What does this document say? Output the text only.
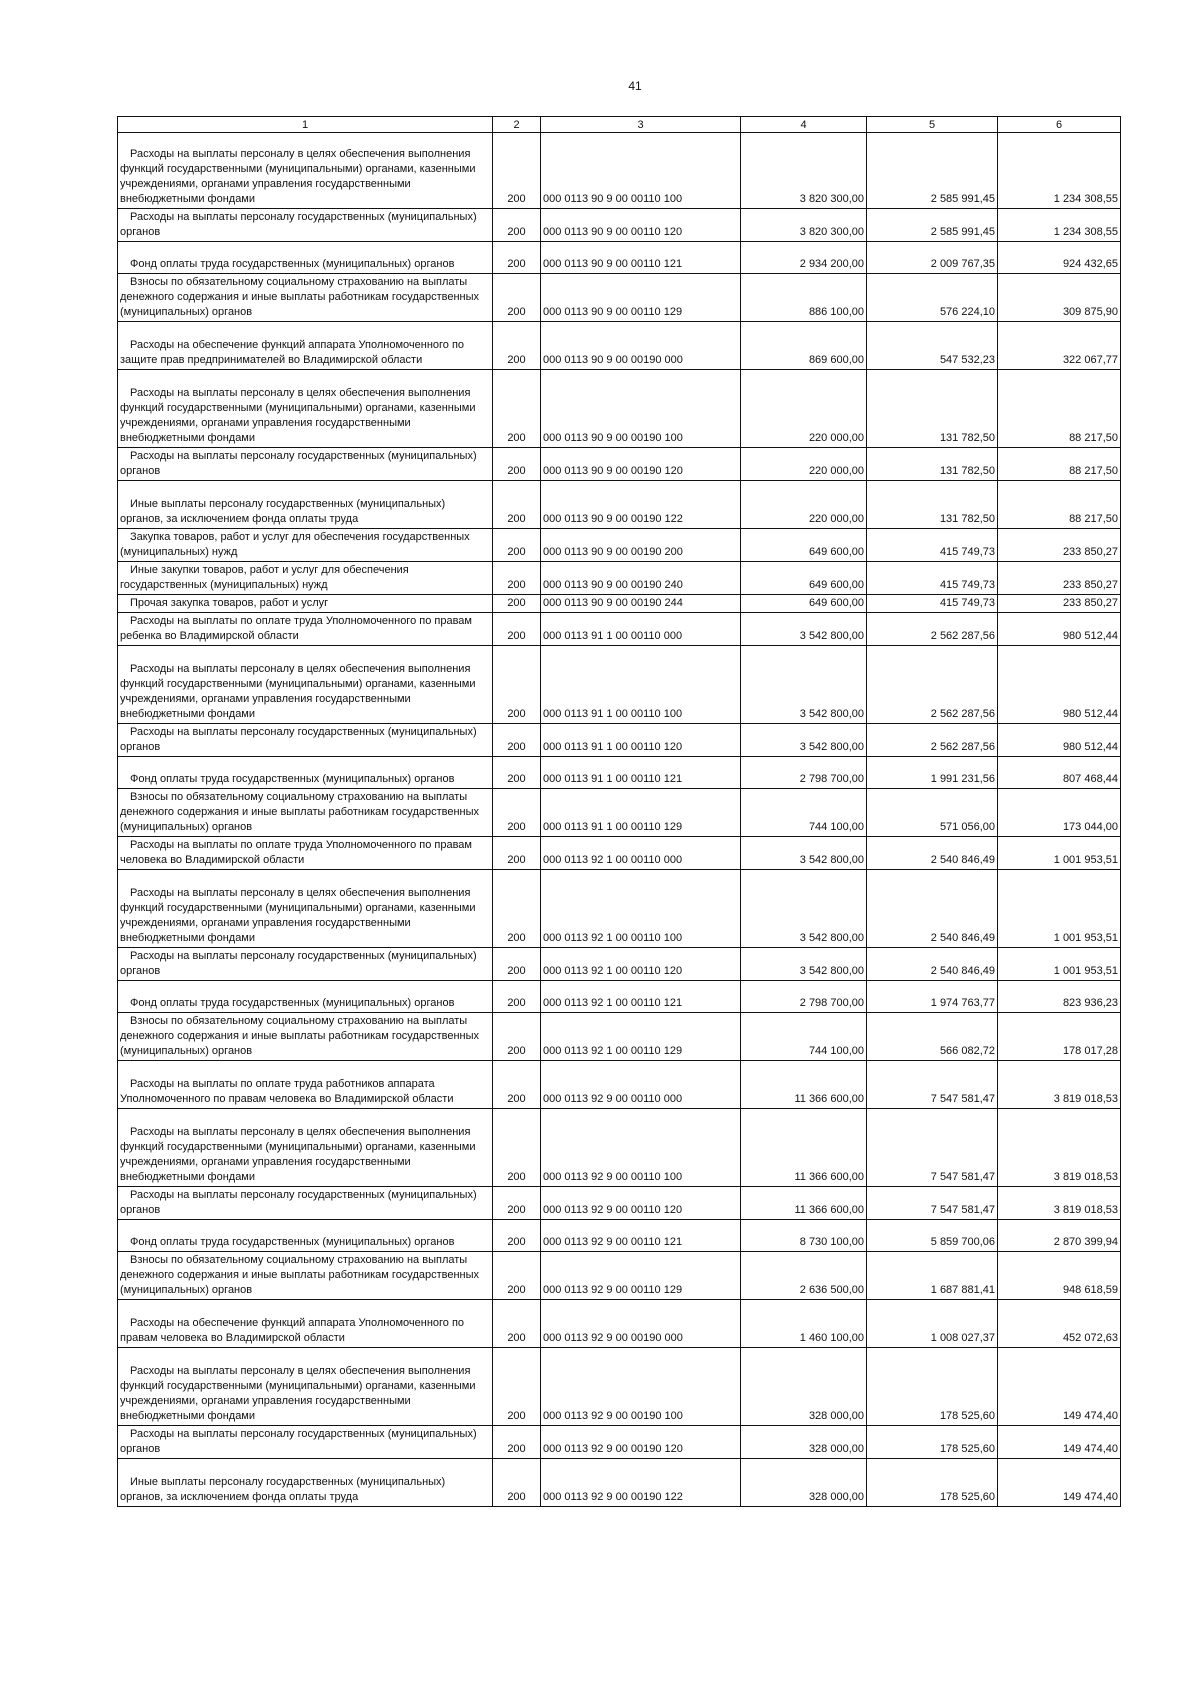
41
1	2	3	4	5	6

Расходы на выплаты персоналу в целях обеспечения выполнения функций государственными (муниципальными) органами, казенными учреждениями, органами управления государственными внебюджетными фондами	200	000 0113 90 9 00 00110 100	3 820 300,00	2 585 991,45	1 234 308,55

Расходы на выплаты персоналу государственных (муниципальных) органов	200	000 0113 90 9 00 00110 120	3 820 300,00	2 585 991,45	1 234 308,55

Фонд оплаты труда государственных (муниципальных) органов	200	000 0113 90 9 00 00110 121	2 934 200,00	2 009 767,35	924 432,65

Взносы по обязательному социальному страхованию на выплаты денежного содержания и иные выплаты работникам государственных (муниципальных) органов	200	000 0113 90 9 00 00110 129	886 100,00	576 224,10	309 875,90

Расходы на обеспечение функций аппарата Уполномоченного по защите прав предпринимателей во Владимирской области	200	000 0113 90 9 00 00190 000	869 600,00	547 532,23	322 067,77

Расходы на выплаты персоналу в целях обеспечения выполнения функций государственными (муниципальными) органами, казенными учреждениями, органами управления государственными внебюджетными фондами	200	000 0113 90 9 00 00190 100	220 000,00	131 782,50	88 217,50

Расходы на выплаты персоналу государственных (муниципальных) органов	200	000 0113 90 9 00 00190 120	220 000,00	131 782,50	88 217,50

Иные выплаты персоналу государственных (муниципальных) органов, за исключением фонда оплаты труда	200	000 0113 90 9 00 00190 122	220 000,00	131 782,50	88 217,50

Закупка товаров, работ и услуг для обеспечения государственных (муниципальных) нужд	200	000 0113 90 9 00 00190 200	649 600,00	415 749,73	233 850,27

Иные закупки товаров, работ и услуг для обеспечения государственных (муниципальных) нужд	200	000 0113 90 9 00 00190 240	649 600,00	415 749,73	233 850,27

Прочая закупка товаров, работ и услуг	200	000 0113 90 9 00 00190 244	649 600,00	415 749,73	233 850,27

Расходы на выплаты по оплате труда Уполномоченного по правам ребенка во Владимирской области	200	000 0113 91 1 00 00110 000	3 542 800,00	2 562 287,56	980 512,44

Расходы на выплаты персоналу в целях обеспечения выполнения функций государственными (муниципальными) органами, казенными учреждениями, органами управления государственными внебюджетными фондами	200	000 0113 91 1 00 00110 100	3 542 800,00	2 562 287,56	980 512,44

Расходы на выплаты персоналу государственных (муниципальных) органов	200	000 0113 91 1 00 00110 120	3 542 800,00	2 562 287,56	980 512,44

Фонд оплаты труда государственных (муниципальных) органов	200	000 0113 91 1 00 00110 121	2 798 700,00	1 991 231,56	807 468,44

Взносы по обязательному социальному страхованию на выплаты денежного содержания и иные выплаты работникам государственных (муниципальных) органов	200	000 0113 91 1 00 00110 129	744 100,00	571 056,00	173 044,00

Расходы на выплаты по оплате труда Уполномоченного по правам человека во Владимирской области	200	000 0113 92 1 00 00110 000	3 542 800,00	2 540 846,49	1 001 953,51

Расходы на выплаты персоналу в целях обеспечения выполнения функций государственными (муниципальными) органами, казенными учреждениями, органами управления государственными внебюджетными фондами	200	000 0113 92 1 00 00110 100	3 542 800,00	2 540 846,49	1 001 953,51

Расходы на выплаты персоналу государственных (муниципальных) органов	200	000 0113 92 1 00 00110 120	3 542 800,00	2 540 846,49	1 001 953,51

Фонд оплаты труда государственных (муниципальных) органов	200	000 0113 92 1 00 00110 121	2 798 700,00	1 974 763,77	823 936,23

Взносы по обязательному социальному страхованию на выплаты денежного содержания и иные выплаты работникам государственных (муниципальных) органов	200	000 0113 92 1 00 00110 129	744 100,00	566 082,72	178 017,28

Расходы на выплаты по оплате труда работников аппарата Уполномоченного по правам человека во Владимирской области	200	000 0113 92 9 00 00110 000	11 366 600,00	7 547 581,47	3 819 018,53

Расходы на выплаты персоналу в целях обеспечения выполнения функций государственными (муниципальными) органами, казенными учреждениями, органами управления государственными внебюджетными фондами	200	000 0113 92 9 00 00110 100	11 366 600,00	7 547 581,47	3 819 018,53

Расходы на выплаты персоналу государственных (муниципальных) органов	200	000 0113 92 9 00 00110 120	11 366 600,00	7 547 581,47	3 819 018,53

Фонд оплаты труда государственных (муниципальных) органов	200	000 0113 92 9 00 00110 121	8 730 100,00	5 859 700,06	2 870 399,94

Взносы по обязательному социальному страхованию на выплаты денежного содержания и иные выплаты работникам государственных (муниципальных) органов	200	000 0113 92 9 00 00110 129	2 636 500,00	1 687 881,41	948 618,59

Расходы на обеспечение функций аппарата Уполномоченного по правам человека во Владимирской области	200	000 0113 92 9 00 00190 000	1 460 100,00	1 008 027,37	452 072,63

Расходы на выплаты персоналу в целях обеспечения выполнения функций государственными (муниципальными) органами, казенными учреждениями, органами управления государственными внебюджетными фондами	200	000 0113 92 9 00 00190 100	328 000,00	178 525,60	149 474,40

Расходы на выплаты персоналу государственных (муниципальных) органов	200	000 0113 92 9 00 00190 120	328 000,00	178 525,60	149 474,40

Иные выплаты персоналу государственных (муниципальных) органов, за исключением фонда оплаты труда	200	000 0113 92 9 00 00190 122	328 000,00	178 525,60	149 474,40
